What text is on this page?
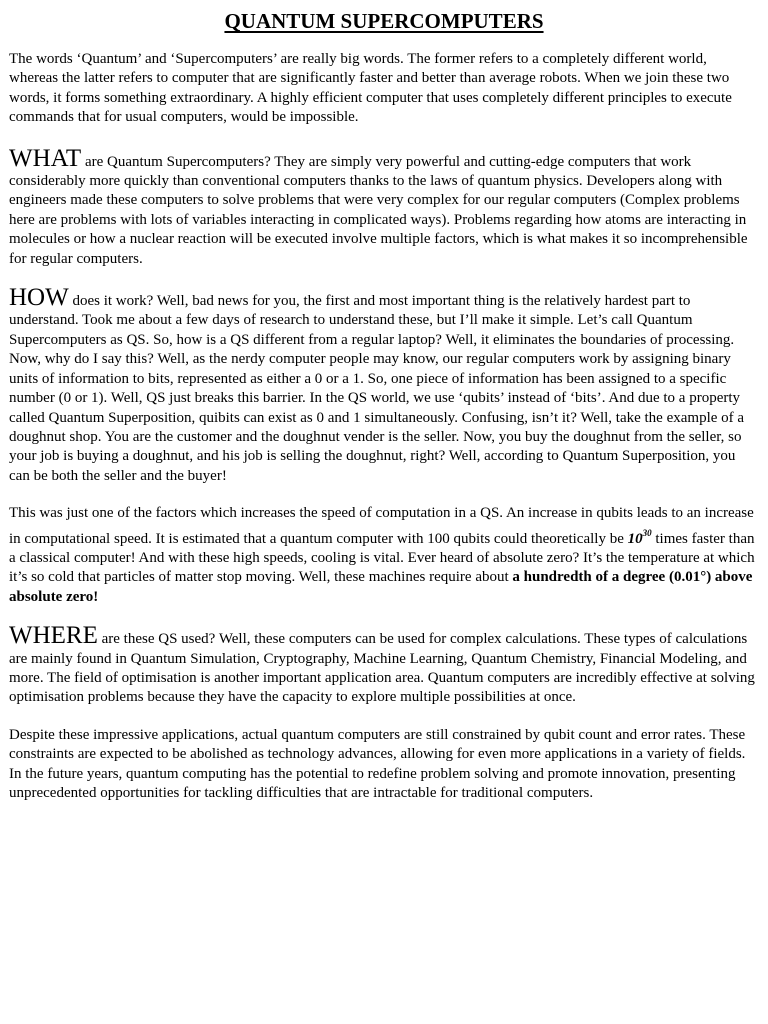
QUANTUM SUPERCOMPUTERS

The words ‘Quantum’ and ‘Supercomputers’ are really big words. The former refers to a completely different world, whereas the latter refers to computer that are significantly faster and better than average robots. When we join these two words, it forms something extraordinary. A highly efficient computer that uses completely different principles to execute commands that for usual computers, would be impossible.

WHAT are Quantum Supercomputers? They are simply very powerful and cutting-edge computers that work considerably more quickly than conventional computers thanks to the laws of quantum physics. Developers along with engineers made these computers to solve problems that were very complex for our regular computers (Complex problems here are problems with lots of variables interacting in complicated ways). Problems regarding how atoms are interacting in molecules or how a nuclear reaction will be executed involve multiple factors, which is what makes it so incomprehensible for regular computers.

HOW does it work? Well, bad news for you, the first and most important thing is the relatively hardest part to understand. Took me about a few days of research to understand these, but I’ll make it simple. Let’s call Quantum Supercomputers as QS. So, how is a QS different from a regular laptop? Well, it eliminates the boundaries of processing. Now, why do I say this? Well, as the nerdy computer people may know, our regular computers work by assigning binary units of information to bits, represented as either a 0 or a 1. So, one piece of information has been assigned to a specific number (0 or 1). Well, QS just breaks this barrier. In the QS world, we use ‘qubits’ instead of ‘bits’. And due to a property called Quantum Superposition, quibits can exist as 0 and 1 simultaneously. Confusing, isn’t it? Well, take the example of a doughnut shop. You are the customer and the doughnut vender is the seller. Now, you buy the doughnut from the seller, so your job is buying a doughnut, and his job is selling the doughnut, right? Well, according to Quantum Superposition, you can be both the seller and the buyer!

This was just one of the factors which increases the speed of computation in a QS. An increase in qubits leads to an increase in computational speed. It is estimated that a quantum computer with 100 qubits could theoretically be $10^{30}$ times faster than a classical computer! And with these high speeds, cooling is vital. Ever heard of absolute zero? It’s the temperature at which it’s so cold that particles of matter stop moving. Well, these machines require about a hundredth of a degree (0.01°) above absolute zero!

WHERE are these QS used? Well, these computers can be used for complex calculations. These types of calculations are mainly found in Quantum Simulation, Cryptography, Machine Learning, Quantum Chemistry, Financial Modeling, and more. The field of optimisation is another important application area. Quantum computers are incredibly effective at solving optimisation problems because they have the capacity to explore multiple possibilities at once.

Despite these impressive applications, actual quantum computers are still constrained by qubit count and error rates. These constraints are expected to be abolished as technology advances, allowing for even more applications in a variety of fields. In the future years, quantum computing has the potential to redefine problem solving and promote innovation, presenting unprecedented opportunities for tackling difficulties that are intractable for traditional computers.
